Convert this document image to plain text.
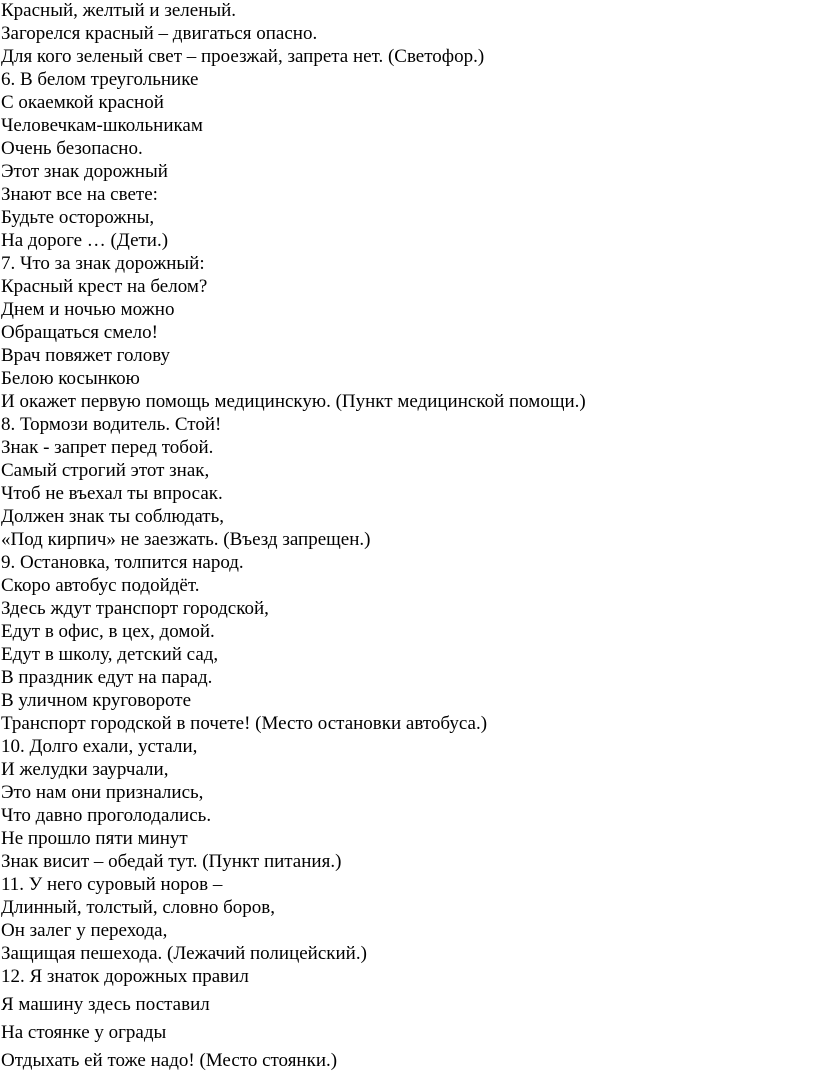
Красный, желтый и зеленый.

Загорелся красный – двигаться опасно.

Для кого зеленый свет – проезжай, запрета нет. (Светофор.)

6. В белом треугольнике

С окаемкой красной

Человечкам-школьникам

Очень безопасно.

Этот знак дорожный

Знают все на свете:

Будьте осторожны,

На дороге … (Дети.)

7. Что за знак дорожный:

Красный крест на белом?

Днем и ночью можно

Обращаться смело!

Врач повяжет голову

Белою косынкою

И окажет первую помощь медицинскую. (Пункт медицинской помощи.)

8. Тормози водитель. Стой!

Знак - запрет перед тобой.

Самый строгий этот знак,

Чтоб не въехал ты впросак.

Должен знак ты соблюдать,

«Под кирпич» не заезжать. (Въезд запрещен.)

9. Остановка, толпится народ.

Скоро автобус подойдёт.

Здесь ждут транспорт городской,

Едут в офис, в цех, домой.

Едут в школу, детский сад,

В праздник едут на парад.

В уличном круговороте

Транспорт городской в почете! (Место остановки автобуса.)

10. Долго ехали, устали,

И желудки заурчали,

Это нам они признались,

Что давно проголодались.

Не прошло пяти минут

Знак висит – обедай тут. (Пункт питания.)

11. У него суровый норов –

Длинный, толстый, словно боров,

Он залег у перехода,

Защищая пешехода. (Лежачий полицейский.)

12. Я знаток дорожных правил

Я машину здесь поставил

На стоянке у ограды

Отдыхать ей тоже надо! (Место стоянки.)
